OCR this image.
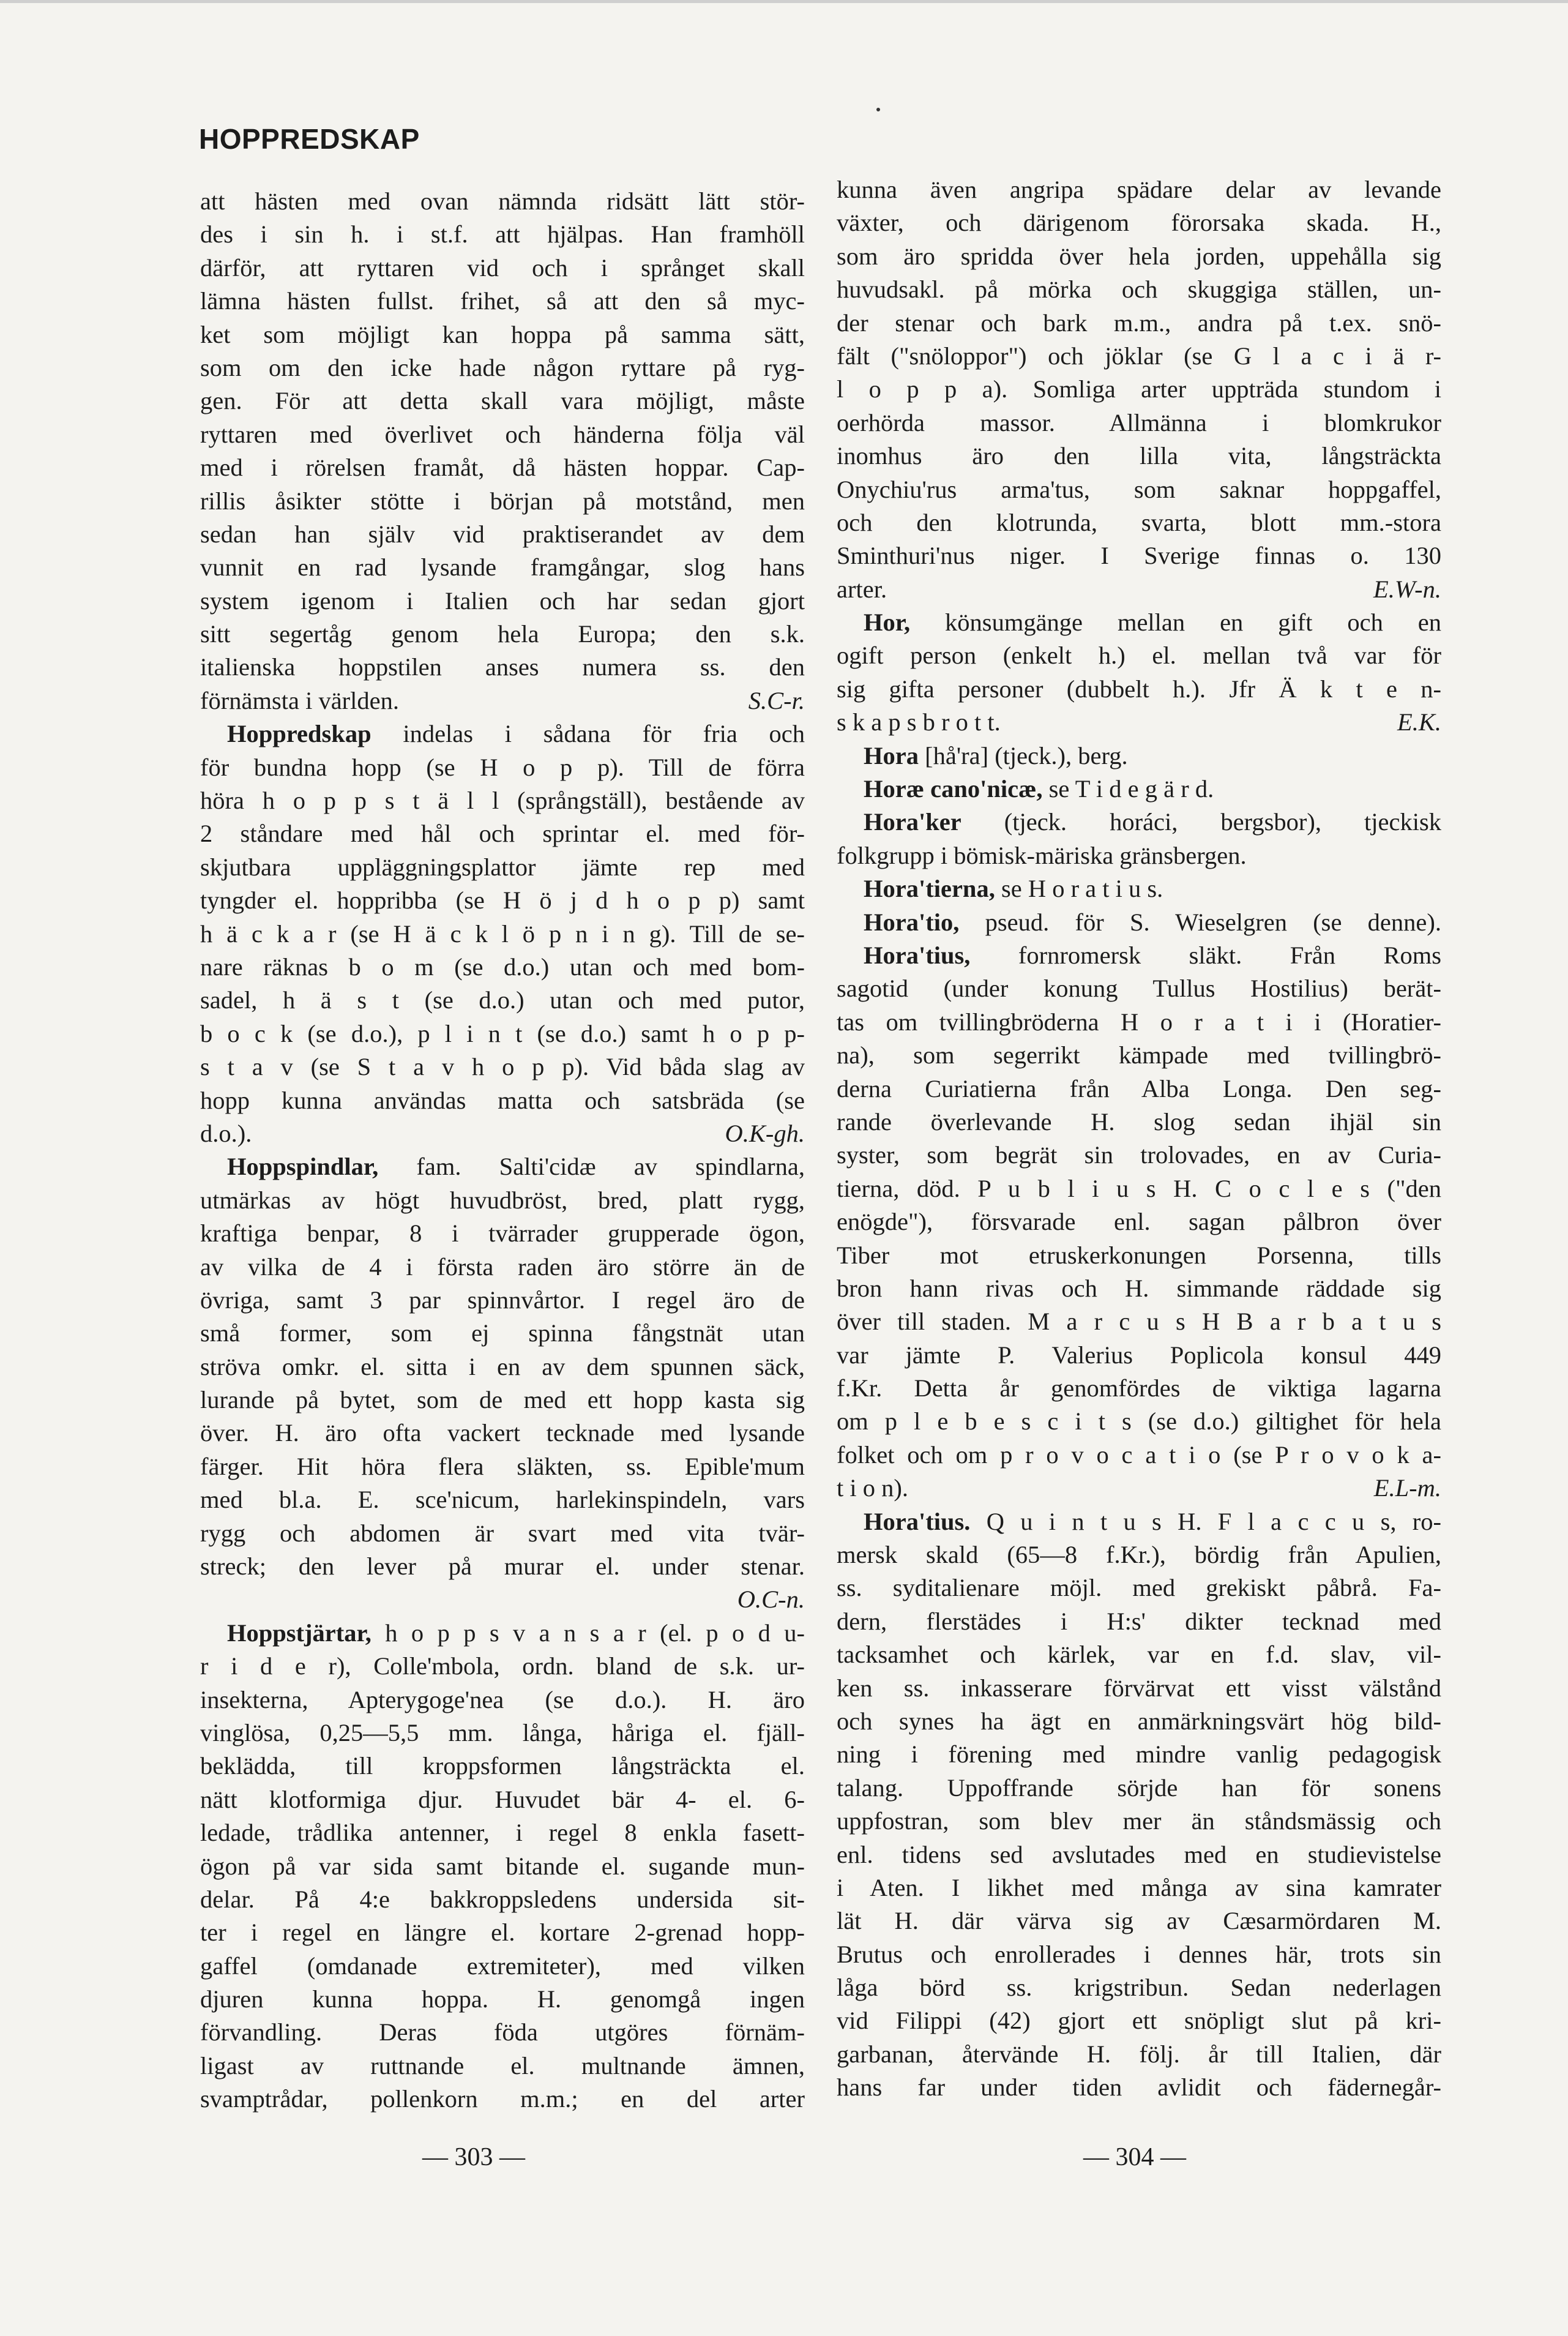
HOPPREDSKAP
att hästen med ovan nämnda ridsätt lätt stör-
des i sin h. i st.f. att hjälpas. Han framhöll
därför, att ryttaren vid och i språnget skall
lämna hästen fullst. frihet, så att den så myc-
ket som möjligt kan hoppa på samma sätt,
som om den icke hade någon ryttare på ryg-
gen. För att detta skall vara möjligt, måste
ryttaren med överlivet och händerna följa väl
med i rörelsen framåt, då hästen hoppar. Cap-
rillis åsikter stötte i början på motstånd, men
sedan han själv vid praktiserandet av dem
vunnit en rad lysande framgångar, slog hans
system igenom i Italien och har sedan gjort
sitt segertåg genom hela Europa; den s.k.
italienska hoppstilen anses numera ss. den
förnämsta i världen.	S.C-r.
Hoppredskap indelas i sådana för fria och
för bundna hopp (se H o p p). Till de förra
höra h o p p s t ä l l (språngställ), bestående av
2 ståndare med hål och sprintar el. med för-
skjutbara uppläggningsplattor jämte rep med
tyngder el. hoppribba (se H ö j d h o p p) samt
h ä c k a r (se H ä c k l ö p n i n g). Till de se-
nare räknas b o m (se d.o.) utan och med bom-
sadel, h ä s t (se d.o.) utan och med putor,
b o c k (se d.o.), p l i n t (se d.o.) samt h o p p-
s t a v (se S t a v h o p p). Vid båda slag av
hopp kunna användas matta och satsbräda (se
d.o.).	O.K-gh.
Hoppspindlar, fam. Salti'cidæ av spindlarna,
utmärkas av högt huvudbröst, bred, platt rygg,
kraftiga benpar, 8 i tvärrader grupperade ögon,
av vilka de 4 i första raden äro större än de
övriga, samt 3 par spinnvårtor. I regel äro de
små former, som ej spinna fångstnät utan
ströva omkr. el. sitta i en av dem spunnen säck,
lurande på bytet, som de med ett hopp kasta sig
över. H. äro ofta vackert tecknade med lysande
färger. Hit höra flera släkten, ss. Epible'mum
med bl.a. E. sce'nicum, harlekinspindeln, vars
rygg och abdomen är svart med vita tvär-
streck; den lever på murar el. under stenar.
O.C-n.
Hoppstjärtar, h o p p s v a n s a r (el. p o d u-
r i d e r), Colle'mbola, ordn. bland de s.k. ur-
insekterna, Apterygoge'nea (se d.o.). H. äro
vinglösa, 0,25—5,5 mm. långa, håriga el. fjäll-
beklädda, till kroppsformen långsträckta el.
nätt klotformiga djur. Huvudet bär 4- el. 6-
ledade, trådlika antenner, i regel 8 enkla fasett-
ögon på var sida samt bitande el. sugande mun-
delar. På 4:e bakkroppsledens undersida sit-
ter i regel en längre el. kortare 2-grenad hopp-
gaffel (omdanade extremiteter), med vilken
djuren kunna hoppa. H. genomgå ingen
förvandling. Deras föda utgöres förnäm-
ligast av ruttnande el. multnande ämnen,
svamptrådar, pollenkorn m.m.; en del arter
kunna även angripa spädare delar av levande
växter, och därigenom förorsaka skada. H.,
som äro spridda över hela jorden, uppehålla sig
huvudsakl. på mörka och skuggiga ställen, un-
der stenar och bark m.m., andra på t.ex. snö-
fält ("snöloppor") och jöklar (se G l a c i ä r-
l o p p a). Somliga arter uppträda stundom i
oerhörda massor. Allmänna i blomkrukor
inomhus äro den lilla vita, långsträckta
Onychiu'rus arma'tus, som saknar hoppgaffel,
och den klotrunda, svarta, blott mm.-stora
Sminthuri'nus niger. I Sverige finnas o. 130
arter.	E.W-n.
Hor, könsumgänge mellan en gift och en
ogift person (enkelt h.) el. mellan två var för
sig gifta personer (dubbelt h.). Jfr Ä k t e n-
s k a p s b r o t t.	E.K.
Hora [hå'ra] (tjeck.), berg.
Horæ cano'nicæ, se T i d e g ä r d.
Hora'ker (tjeck. horáci, bergsbor), tjeckisk
folkgrupp i bömisk-märiska gränsbergen.
Hora'tierna, se H o r a t i u s.
Hora'tio, pseud. för S. Wieselgren (se denne).
Hora'tius, fornromersk släkt. Från Roms
sagotid (under konung Tullus Hostilius) berät-
tas om tvillingbröderna H o r a t i i (Horatier-
na), som segerrikt kämpade med tvillingbrö-
derna Curiatierna från Alba Longa. Den seg-
rande överlevande H. slog sedan ihjäl sin
syster, som begrät sin trolovades, en av Curia-
tierna, död. P u b l i u s H. C o c l e s ("den
enögde"), försvarade enl. sagan pålbron över
Tiber mot etruskerkonungen Porsenna, tills
bron hann rivas och H. simmande räddade sig
över till staden. M a r c u s H B a r b a t u s
var jämte P. Valerius Poplicola konsul 449
f.Kr. Detta år genomfördes de viktiga lagarna
om p l e b e s c i t s (se d.o.) giltighet för hela
folket och om p r o v o c a t i o (se P r o v o k a-
t i o n).	E.L-m.
Hora'tius. Q u i n t u s H. F l a c c u s, ro-
mersk skald (65—8 f.Kr.), bördig från Apulien,
ss. syditalienare möjl. med grekiskt påbrå. Fa-
dern, flerstädes i H:s' dikter tecknad med
tacksamhet och kärlek, var en f.d. slav, vil-
ken ss. inkasserare förvärvat ett visst välstånd
och synes ha ägt en anmärkningsvärt hög bild-
ning i förening med mindre vanlig pedagogisk
talang. Uppoffrande sörjde han för sonens
uppfostran, som blev mer än ståndsmässig och
enl. tidens sed avslutades med en studievistelse
i Aten. I likhet med många av sina kamrater
lät H. där värva sig av Cæsarmördaren M.
Brutus och enrollerades i dennes här, trots sin
låga börd ss. krigstribun. Sedan nederlagen
vid Filippi (42) gjort ett snöpligt slut på kri-
garbanan, återvände H. följ. år till Italien, där
hans far under tiden avlidit och fädernegår-
— 303 —	— 304 —
